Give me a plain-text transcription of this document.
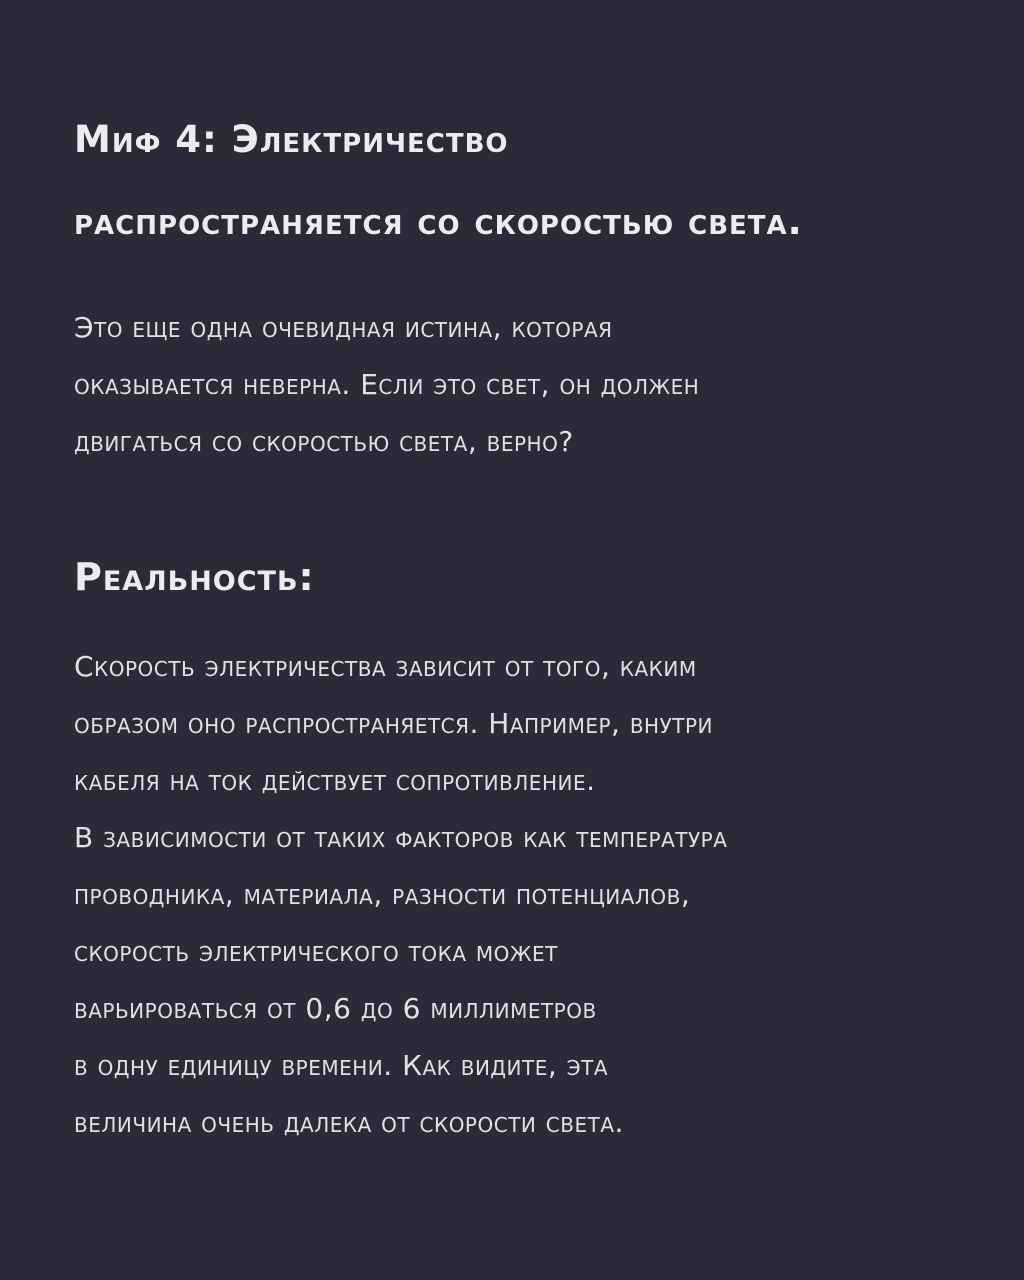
Миф 4: Электричество
распространяется со скоростью света.

Это еще одна очевидная истина, которая

оказывается неверна. Если это свет, он должен

двигаться со скоростью света, верно?

Реальность:

Скорость электричества зависит от того, каким

образом оно распространяется. Например, внутри

кабеля на ток действует сопротивление.

В зависимости от таких факторов как температура

проводника, материала, разности потенциалов,

скорость электрического тока может

варьироваться от 0,6 до 6 миллиметров

в одну единицу времени. Как видите, эта

величина очень далека от скорости света.
